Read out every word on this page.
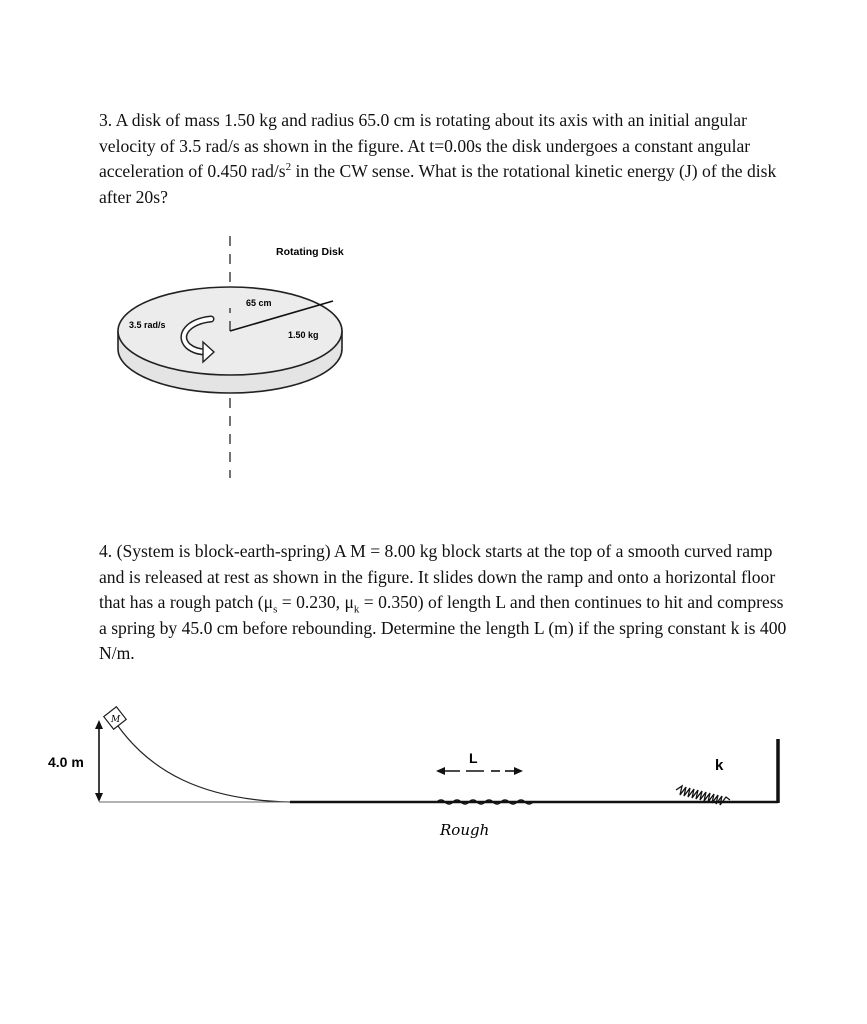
3. A disk of mass 1.50 kg and radius 65.0 cm is rotating about its axis with an initial angular velocity of 3.5 rad/s as shown in the figure. At t=0.00s the disk undergoes a constant angular acceleration of 0.450 rad/$s^2$ in the CW sense. What is the rotational kinetic energy (J) of the disk after 20s?

Rotating Disk
65 cm
3.5 rad/s
1.50 kg
4.0 m
M
Rough
L	k

4. (System is block-earth-spring) A M = 8.00 kg block starts at the top of a smooth curved ramp and is released at rest as shown in the figure. It slides down the ramp and onto a horizontal floor that has a rough patch ($\mu_s = 0.230$, $\mu_k = 0.350$) of length L and then continues to hit and compress a spring by 45.0 cm before rebounding. Determine the length L (m) if the spring constant k is 400 N/m.
